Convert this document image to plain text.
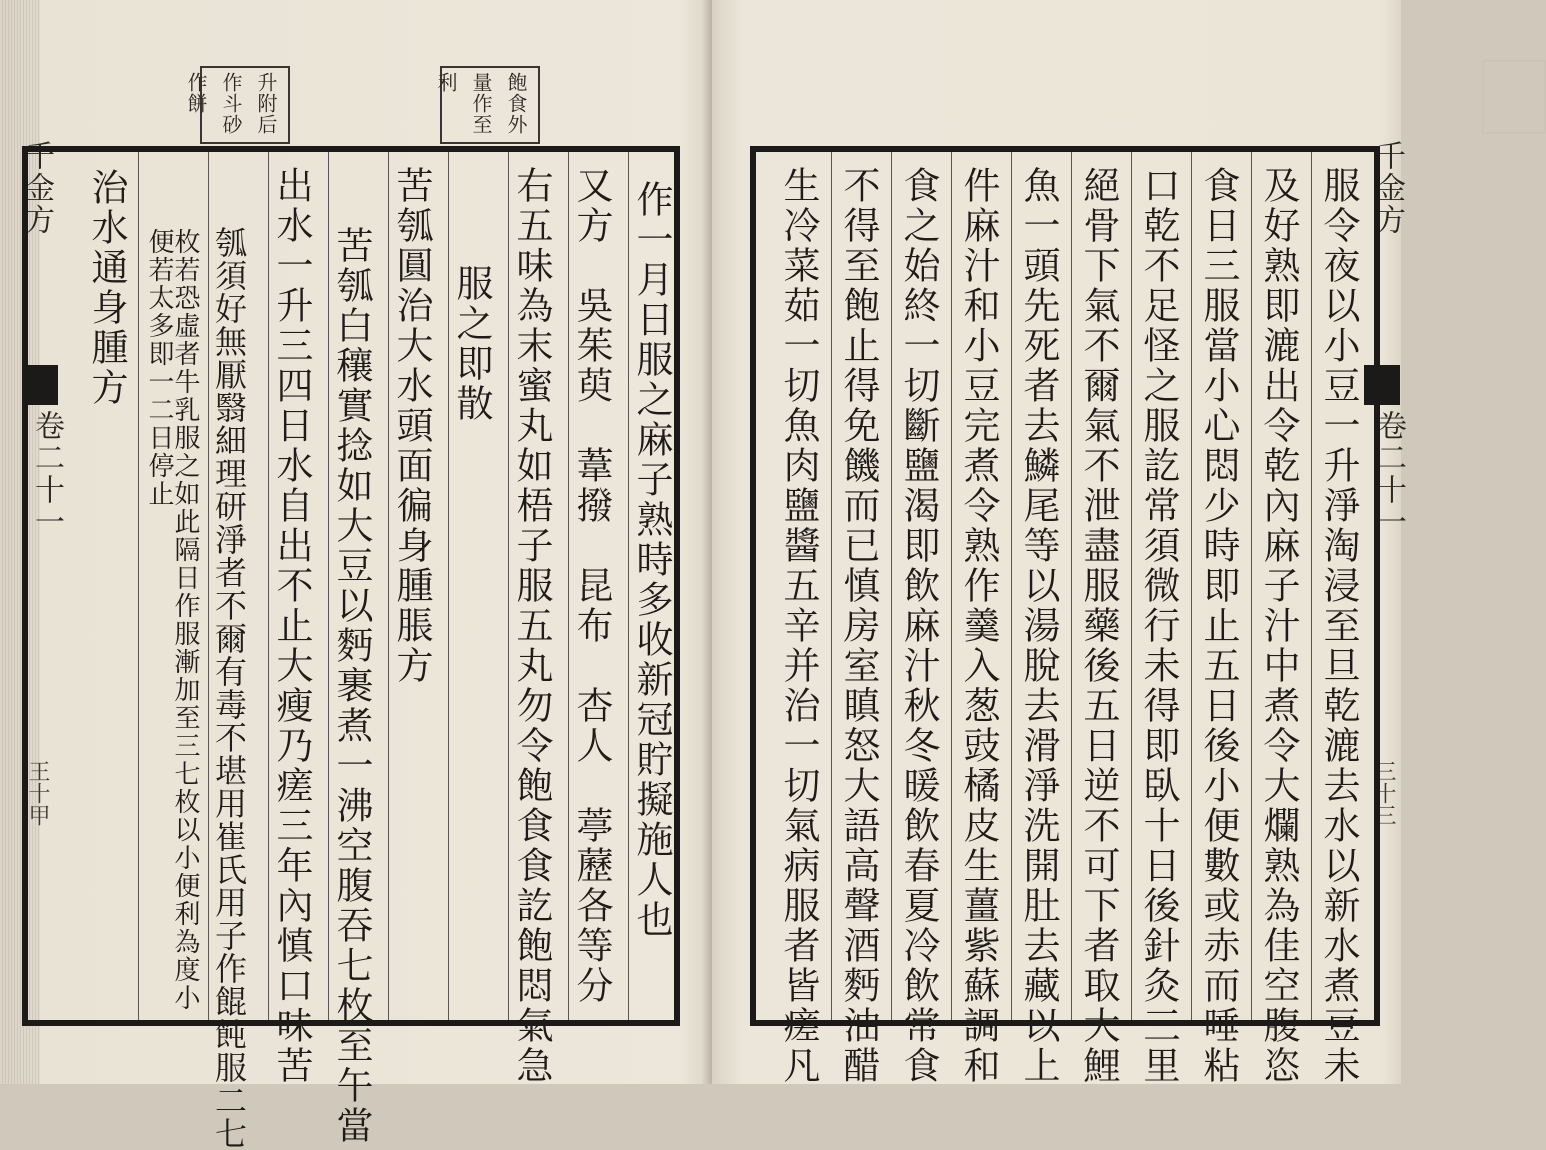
飽食外
量作至
利
升附后
作斗砂
作餅
千金方
卷二十一
王十甲	作一月日服之麻子熟時多收新冠貯擬施人也
又方　吳茱萸　葦撥　昆布　杏人　葶藶各等分
右五味為末蜜丸如梧子服五丸勿令飽食食訖飽悶氣急
服之即散
苦瓠圓治大水頭面徧身腫脹方
苦瓠白穰實捻如大豆以麪裹煮一沸空腹吞七枚至午當
出水一升三四日水自出不止大瘦乃瘥三年內慎口味苦
瓠須好無厭翳細理研淨者不爾有毒不堪用崔氏用子作餛飩服二七
枚若恐虛者牛乳服之如此隔日作服漸加至三七枚以小便利為度小便若太多即一二日停止
治水通身腫方	千金方
卷二十一
三十三
服令夜以小豆一升淨淘浸至旦乾漉去水以新水煮豆未
及好熟即漉出令乾內麻子汁中煮令大爛熟為佳空腹恣
食日三服當小心悶少時即止五日後小便數或赤而唾粘
口乾不足怪之服訖常須微行未得即臥十日後針灸三里
絕骨下氣不爾氣不泄盡服藥後五日逆不可下者取大鯉
魚一頭先死者去鱗尾等以湯脫去滑淨洗開肚去藏以上
件麻汁和小豆完煮令熟作羹入葱豉橘皮生薑紫蘇調和
食之始終一切斷鹽渴即飲麻汁秋冬暖飲春夏冷飲常食
不得至飽止得免饑而已慎房室瞋怒大語高聲酒麪油醋
生冷菜茹一切魚肉鹽醬五辛并治一切氣病服者皆瘥凡
